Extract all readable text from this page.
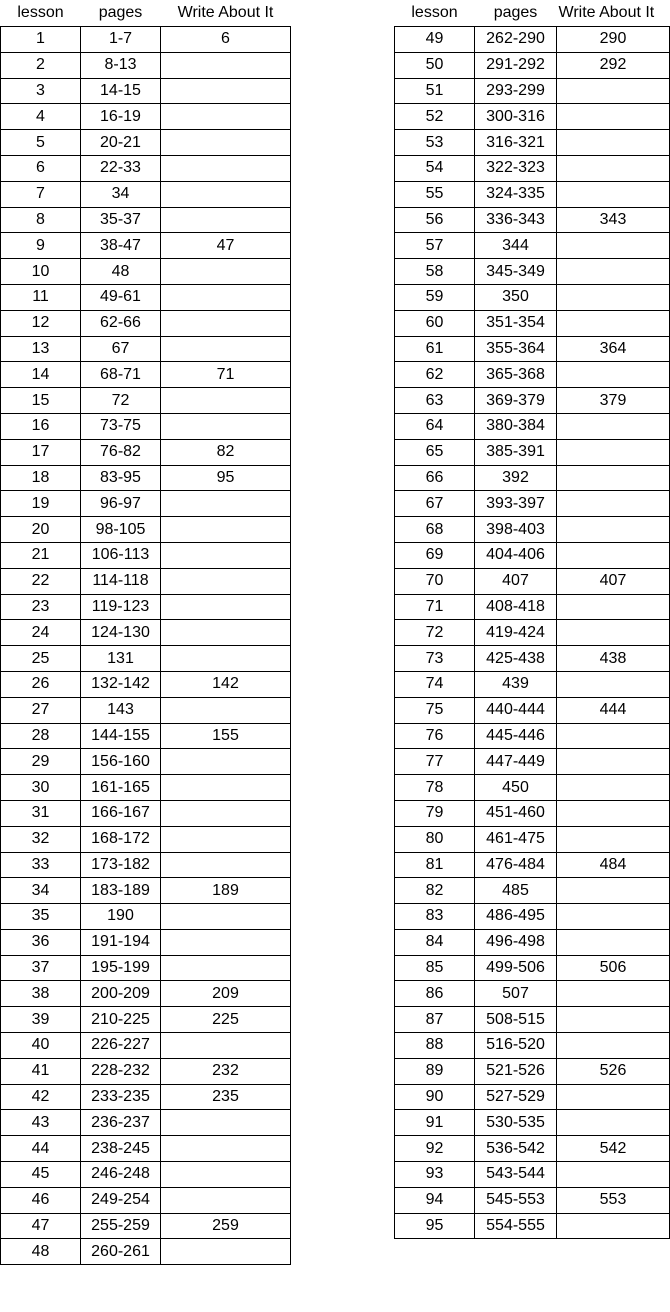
lesson	pages	Write About It
1	1-7	6
2	8-13	
3	14-15	
4	16-19	
5	20-21	
6	22-33	
7	34	
8	35-37	
9	38-47	47
10	48	
11	49-61	
12	62-66	
13	67	
14	68-71	71
15	72	
16	73-75	
17	76-82	82
18	83-95	95
19	96-97	
20	98-105	
21	106-113	
22	114-118	
23	119-123	
24	124-130	
25	131	
26	132-142	142
27	143	
28	144-155	155
29	156-160	
30	161-165	
31	166-167	
32	168-172	
33	173-182	
34	183-189	189
35	190	
36	191-194	
37	195-199	
38	200-209	209
39	210-225	225
40	226-227	
41	228-232	232
42	233-235	235
43	236-237	
44	238-245	
45	246-248	
46	249-254	
47	255-259	259
48	260-261	
lesson	pages	Write About It
49	262-290	290
50	291-292	292
51	293-299	
52	300-316	
53	316-321	
54	322-323	
55	324-335	
56	336-343	343
57	344	
58	345-349	
59	350	
60	351-354	
61	355-364	364
62	365-368	
63	369-379	379
64	380-384	
65	385-391	
66	392	
67	393-397	
68	398-403	
69	404-406	
70	407	407
71	408-418	
72	419-424	
73	425-438	438
74	439	
75	440-444	444
76	445-446	
77	447-449	
78	450	
79	451-460	
80	461-475	
81	476-484	484
82	485	
83	486-495	
84	496-498	
85	499-506	506
86	507	
87	508-515	
88	516-520	
89	521-526	526
90	527-529	
91	530-535	
92	536-542	542
93	543-544	
94	545-553	553
95	554-555	
